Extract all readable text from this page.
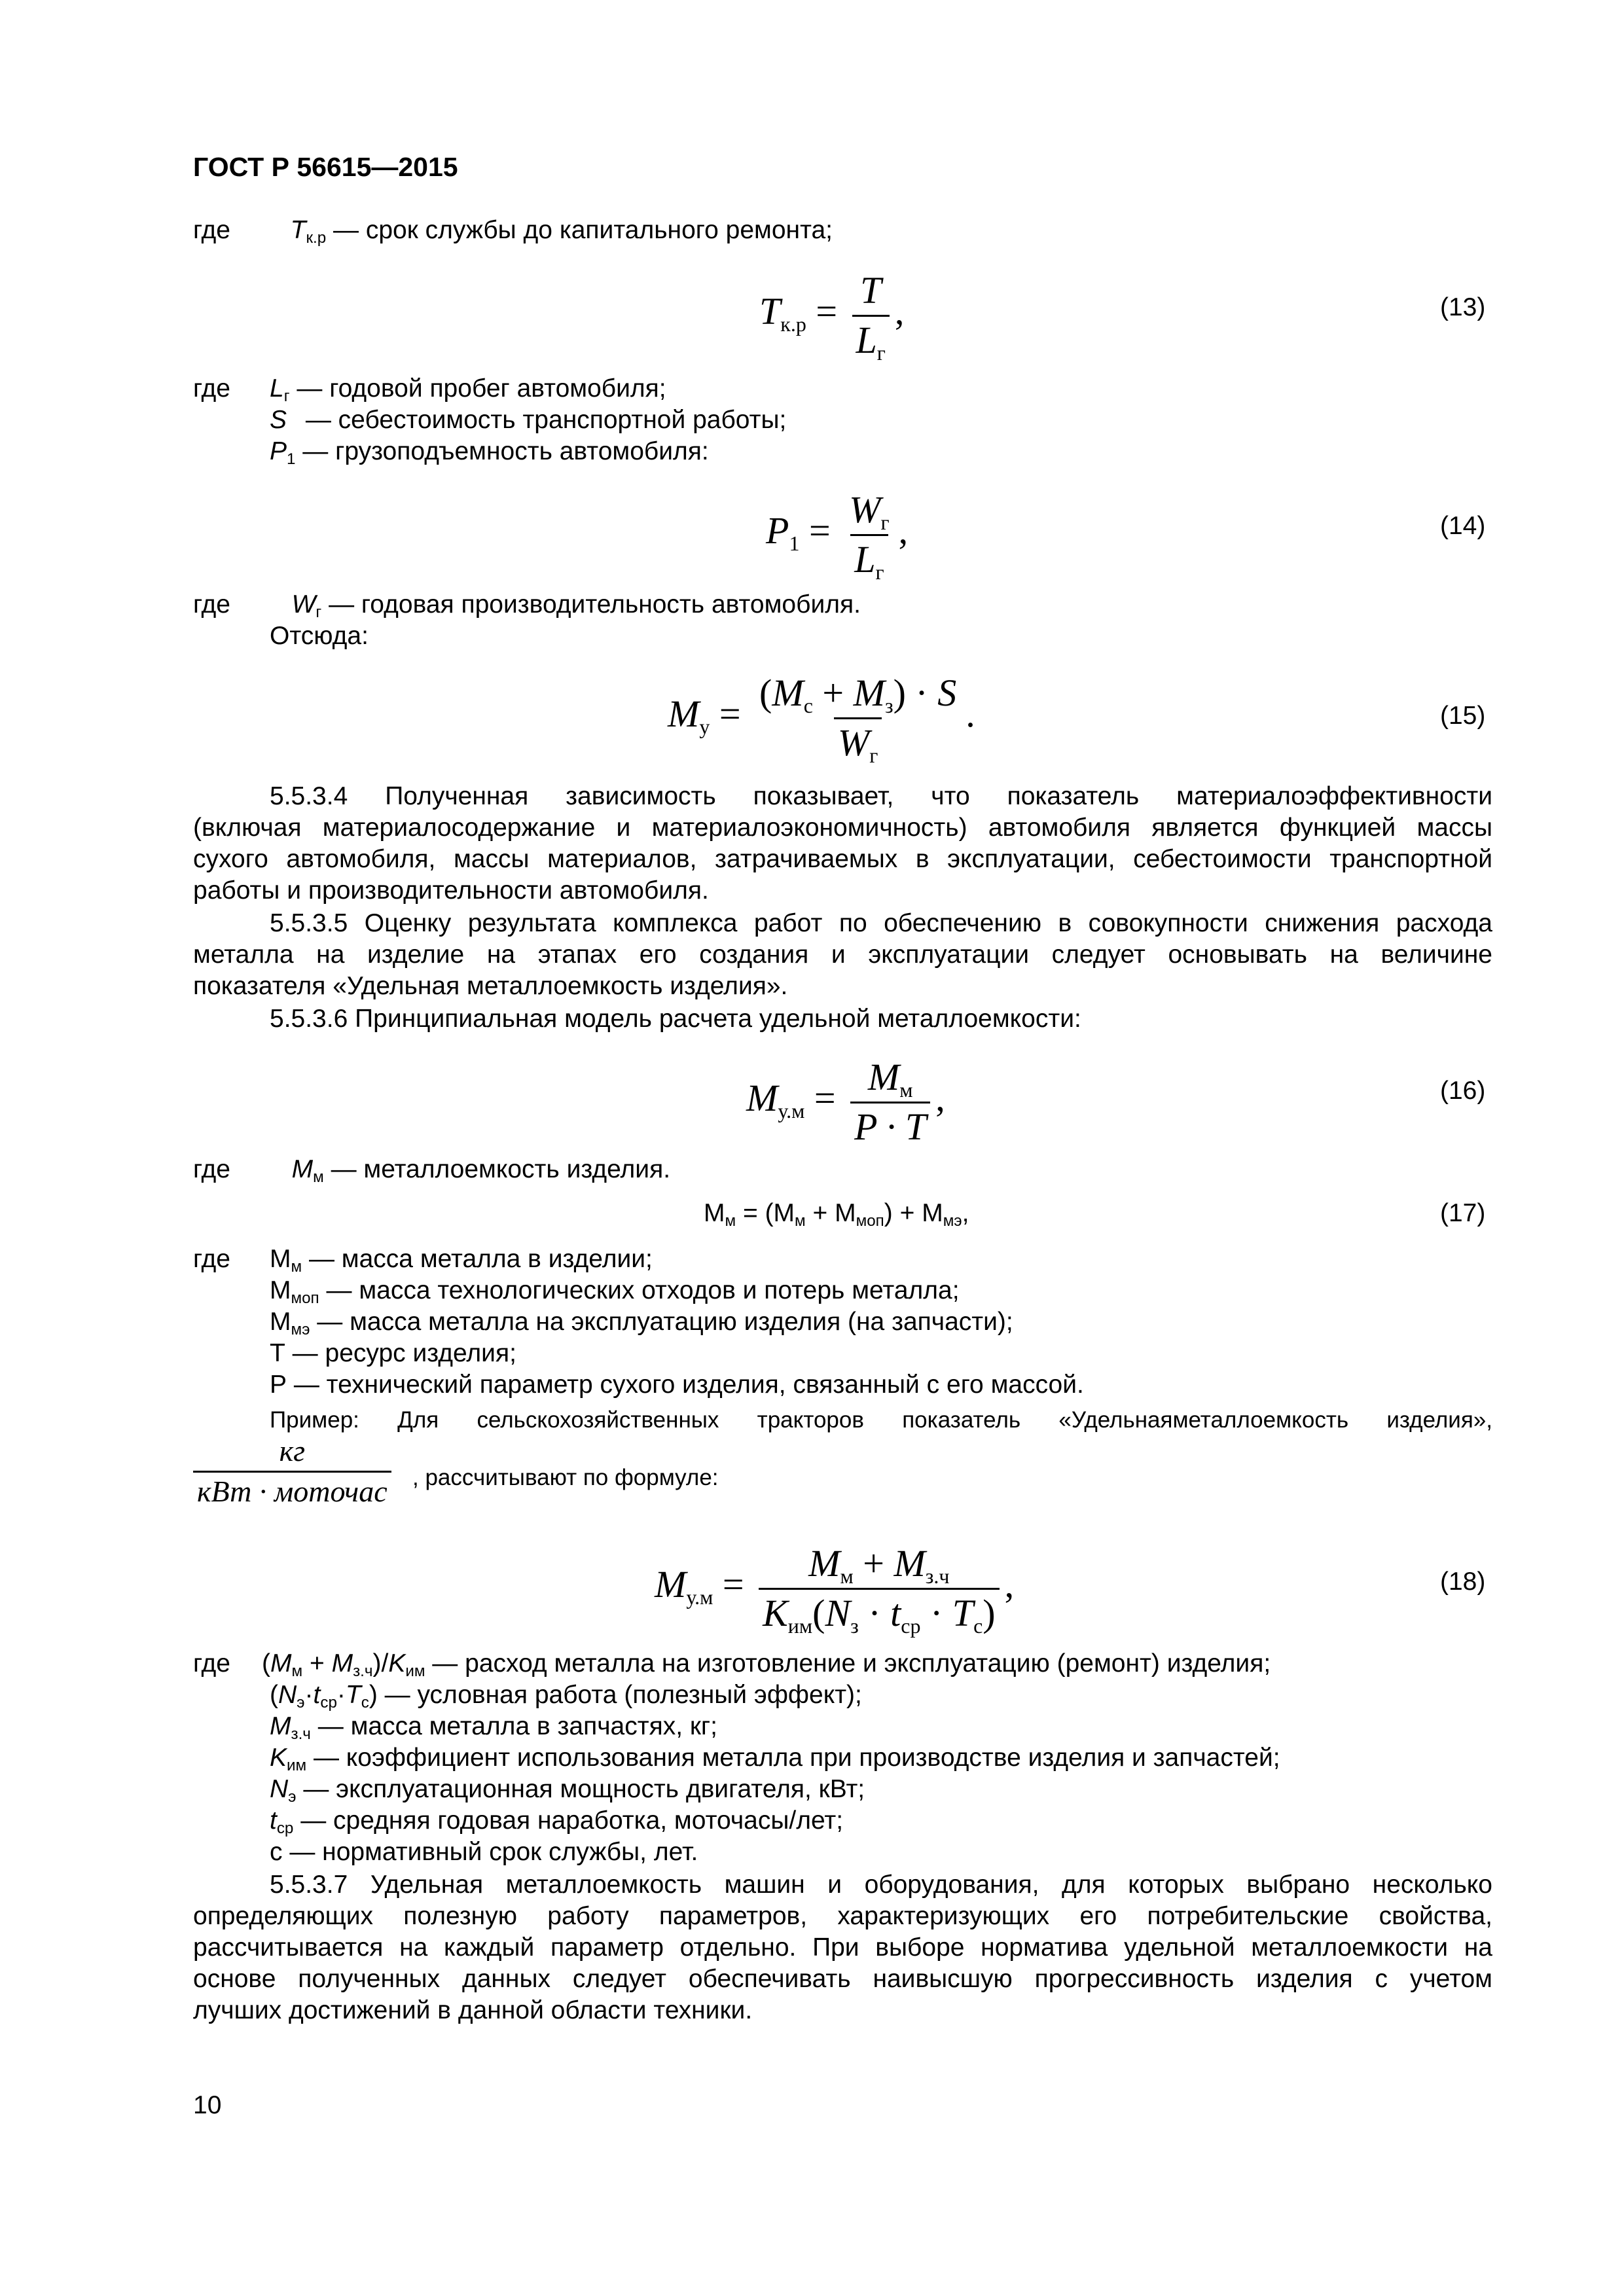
ГОСТ Р 56615—2015
где $T_{к.р}$ — срок службы до капитального ремонта;
$T_{к.р} = \frac{T}{L_г}$ ,	(13)
где $L_г$ — годовой пробег автомобиля;
S — себестоимость транспортной работы;
$P_1$ — грузоподъемность автомобиля:
$P_1 = \frac{W_г}{L_г}$ ,	(14)
где $W_г$ — годовая производительность автомобиля.
Отсюда:
$M_у = \frac{(M_с + M_з) \cdot S}{W_г}$ .	(15)
5.5.3.4 Полученная зависимость показывает, что показатель материалоэффективности
(включая материалосодержание и материалоэкономичность) автомобиля является функцией массы
сухого автомобиля, массы материалов, затрачиваемых в эксплуатации, себестоимости транспортной
работы и производительности автомобиля.
5.5.3.5 Оценку результата комплекса работ по обеспечению в совокупности снижения расхода
металла на изделие на этапах его создания и эксплуатации следует основывать на величине
показателя «Удельная металлоемкость изделия».
5.5.3.6 Принципиальная модель расчета удельной металлоемкости:
$M_{у.м} = \frac{M_м}{P \cdot T}$ ,	(16)
где $M_м$ — металлоемкость изделия.
$М_м = (М_м + М_{моп}) + М_{мэ}$,	(17)
где $М_м$ — масса металла в изделии;
$М_{моп}$ — масса технологических отходов и потерь металла;
$М_{мэ}$ — масса металла на эксплуатацию изделия (на запчасти);
Т — ресурс изделия;
Р — технический параметр сухого изделия, связанный с его массой.
Пример: Для сельскохозяйственных тракторов показатель «Удельнаяметаллоемкость изделия»,
$\frac{кг}{\text{кВт · моточас}}$ , рассчитывают по формуле:
$M_{у.м} = \frac{M_м + M_{з.ч}}{K_{им}(N_з \cdot t_{ср} \cdot T_с)}$ ,	(18)
где $(M_м + M_{з.ч})/K_{им}$ — расход металла на изготовление и эксплуатацию (ремонт) изделия;
$(N_э\cdot t_{ср}\cdot T_с)$ — условная работа (полезный эффект);
$M_{з.ч}$ — масса металла в запчастях, кг;
$K_{им}$ — коэффициент использования металла при производстве изделия и запчастей;
$N_э$ — эксплуатационная мощность двигателя, кВт;
$t_{ср}$ — средняя годовая наработка, моточасы/лет;
с — нормативный срок службы, лет.
5.5.3.7 Удельная металлоемкость машин и оборудования, для которых выбрано несколько
определяющих полезную работу параметров, характеризующих его потребительские свойства,
рассчитывается на каждый параметр отдельно. При выборе норматива удельной металлоемкости на
основе полученных данных следует обеспечивать наивысшую прогрессивность изделия с учетом
лучших достижений в данной области техники.
10
